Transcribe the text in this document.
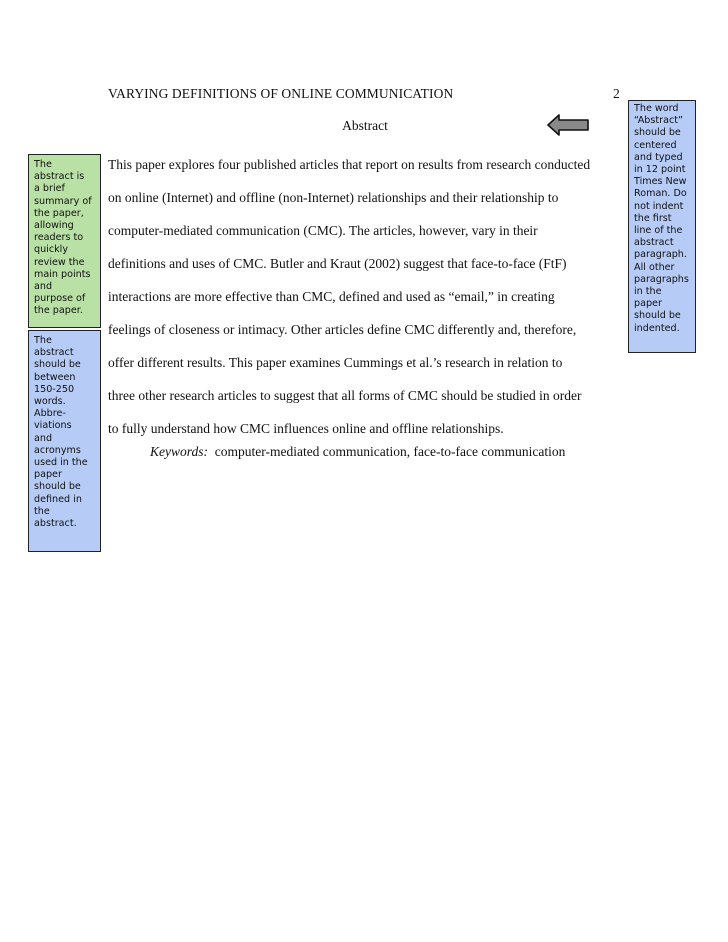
VARYING DEFINITIONS OF ONLINE COMMUNICATION	2
Abstract
This paper explores four published articles that report on results from research conducted
on online (Internet) and offline (non-Internet) relationships and their relationship to
computer-mediated communication (CMC). The articles, however, vary in their
definitions and uses of CMC. Butler and Kraut (2002) suggest that face-to-face (FtF)
interactions are more effective than CMC, defined and used as “email,” in creating
feelings of closeness or intimacy. Other articles define CMC differently and, therefore,
offer different results. This paper examines Cummings et al.’s research in relation to
three other research articles to suggest that all forms of CMC should be studied in order
to fully understand how CMC influences online and offline relationships.
Keywords: computer-mediated communication, face-to-face communication
The
abstract is
a brief
summary of
the paper,
allowing
readers to
quickly
review the
main points
and
purpose of
the paper.
The
abstract
should be
between
150-250
words.
Abbre-
viations
and
acronyms
used in the
paper
should be
defined in
the
abstract.
The word
“Abstract”
should be
centered
and typed
in 12 point
Times New
Roman. Do
not indent
the first
line of the
abstract
paragraph.
All other
paragraphs
in the
paper
should be
indented.
